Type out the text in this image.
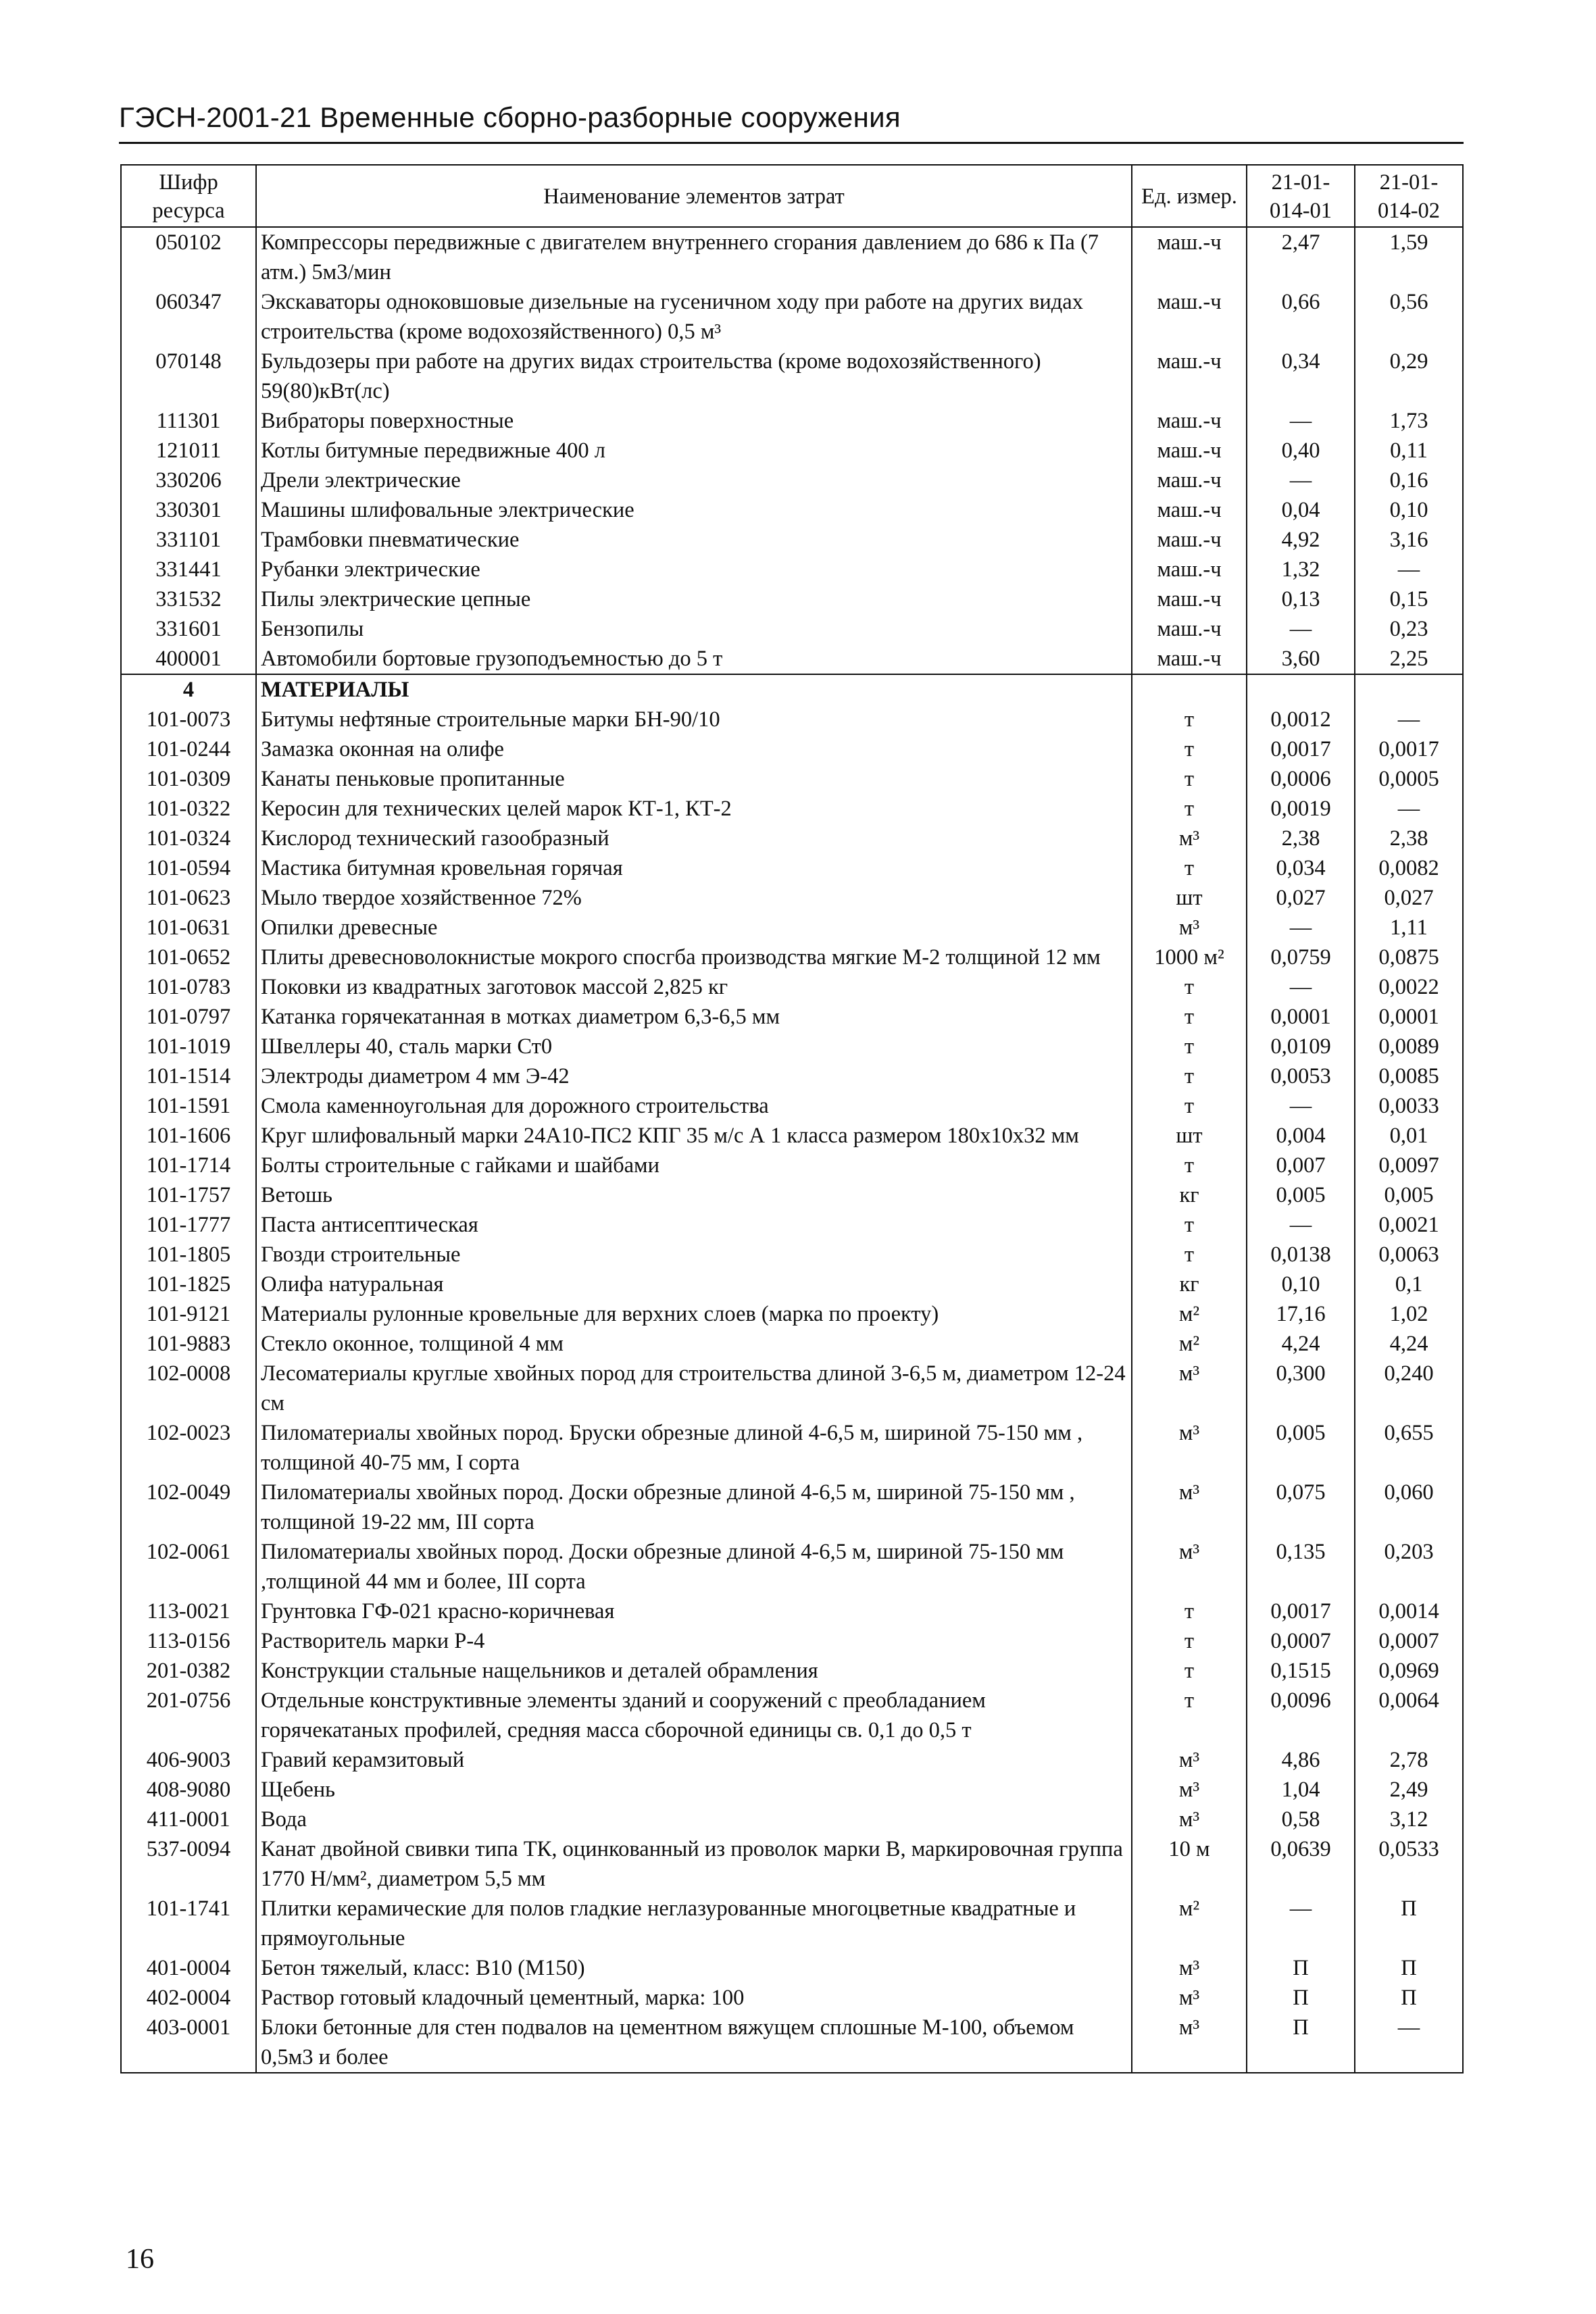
ГЭСН-2001-21 Временные сборно-разборные сооружения
Шифр ресурса	Наименование элементов затрат	Ед. измер.	21-01-014-01	21-01-014-02
050102	Компрессоры передвижные с двигателем внутреннего сгорания давлением до 686 к Па (7 атм.) 5м3/мин	маш.-ч	2,47	1,59
060347	Экскаваторы одноковшовые дизельные на гусеничном ходу при работе на других видах строительства (кроме водохозяйственного) 0,5 м³	маш.-ч	0,66	0,56
070148	Бульдозеры при работе на других видах строительства (кроме водохозяйственного) 59(80)кВт(лс)	маш.-ч	0,34	0,29
111301	Вибраторы поверхностные	маш.-ч	—	1,73
121011	Котлы битумные передвижные 400 л	маш.-ч	0,40	0,11
330206	Дрели электрические	маш.-ч	—	0,16
330301	Машины шлифовальные электрические	маш.-ч	0,04	0,10
331101	Трамбовки пневматические	маш.-ч	4,92	3,16
331441	Рубанки электрические	маш.-ч	1,32	—
331532	Пилы электрические цепные	маш.-ч	0,13	0,15
331601	Бензопилы	маш.-ч	—	0,23
400001	Автомобили бортовые грузоподъемностью до 5 т	маш.-ч	3,60	2,25
4	МАТЕРИАЛЫ			
101-0073	Битумы нефтяные строительные марки БН-90/10	т	0,0012	—
101-0244	Замазка оконная на олифе	т	0,0017	0,0017
101-0309	Канаты пеньковые пропитанные	т	0,0006	0,0005
101-0322	Керосин для технических целей марок КТ-1, КТ-2	т	0,0019	—
101-0324	Кислород технический газообразный	м³	2,38	2,38
101-0594	Мастика битумная кровельная горячая	т	0,034	0,0082
101-0623	Мыло твердое хозяйственное 72%	шт	0,027	0,027
101-0631	Опилки древесные	м³	—	1,11
101-0652	Плиты древесноволокнистые мокрого спосгба производства мягкие М-2 толщиной 12 мм	1000 м²	0,0759	0,0875
101-0783	Поковки из квадратных заготовок массой 2,825 кг	т	—	0,0022
101-0797	Катанка горячекатанная в мотках диаметром 6,3-6,5 мм	т	0,0001	0,0001
101-1019	Швеллеры 40, сталь марки Ст0	т	0,0109	0,0089
101-1514	Электроды диаметром 4 мм Э-42	т	0,0053	0,0085
101-1591	Смола каменноугольная для дорожного строительства	т	—	0,0033
101-1606	Круг шлифовальный марки 24А10-ПС2 КПГ 35 м/с А 1 класса размером 180х10х32 мм	шт	0,004	0,01
101-1714	Болты строительные с гайками и шайбами	т	0,007	0,0097
101-1757	Ветошь	кг	0,005	0,005
101-1777	Паста антисептическая	т	—	0,0021
101-1805	Гвозди строительные	т	0,0138	0,0063
101-1825	Олифа натуральная	кг	0,10	0,1
101-9121	Материалы рулонные кровельные для верхних слоев (марка по проекту)	м²	17,16	1,02
101-9883	Стекло оконное, толщиной 4 мм	м²	4,24	4,24
102-0008	Лесоматериалы круглые хвойных пород для строительства длиной 3-6,5 м, диаметром 12-24 см	м³	0,300	0,240
102-0023	Пиломатериалы хвойных пород. Бруски обрезные длиной 4-6,5 м, шириной 75-150 мм , толщиной 40-75 мм, I сорта	м³	0,005	0,655
102-0049	Пиломатериалы хвойных пород. Доски обрезные длиной 4-6,5 м, шириной 75-150 мм , толщиной 19-22 мм, III сорта	м³	0,075	0,060
102-0061	Пиломатериалы хвойных пород. Доски обрезные длиной 4-6,5 м, шириной 75-150 мм ,толщиной 44 мм и более, III сорта	м³	0,135	0,203
113-0021	Грунтовка ГФ-021 красно-коричневая	т	0,0017	0,0014
113-0156	Растворитель марки Р-4	т	0,0007	0,0007
201-0382	Конструкции стальные нащельников и деталей обрамления	т	0,1515	0,0969
201-0756	Отдельные конструктивные элементы зданий и сооружений с преобладанием горячекатаных профилей, средняя масса сборочной единицы св. 0,1 до 0,5 т	т	0,0096	0,0064
406-9003	Гравий керамзитовый	м³	4,86	2,78
408-9080	Щебень	м³	1,04	2,49
411-0001	Вода	м³	0,58	3,12
537-0094	Канат двойной свивки типа ТК, оцинкованный из проволок марки В, маркировочная группа 1770 Н/мм², диаметром 5,5 мм	10 м	0,0639	0,0533
101-1741	Плитки керамические для полов гладкие неглазурованные многоцветные квадратные и прямоугольные	м²	—	П
401-0004	Бетон тяжелый, класс: В10 (М150)	м³	П	П
402-0004	Раствор готовый кладочный цементный, марка: 100	м³	П	П
403-0001	Блоки бетонные для стен подвалов на цементном вяжущем сплошные М-100, объемом 0,5м3 и более	м³	П	—
16
